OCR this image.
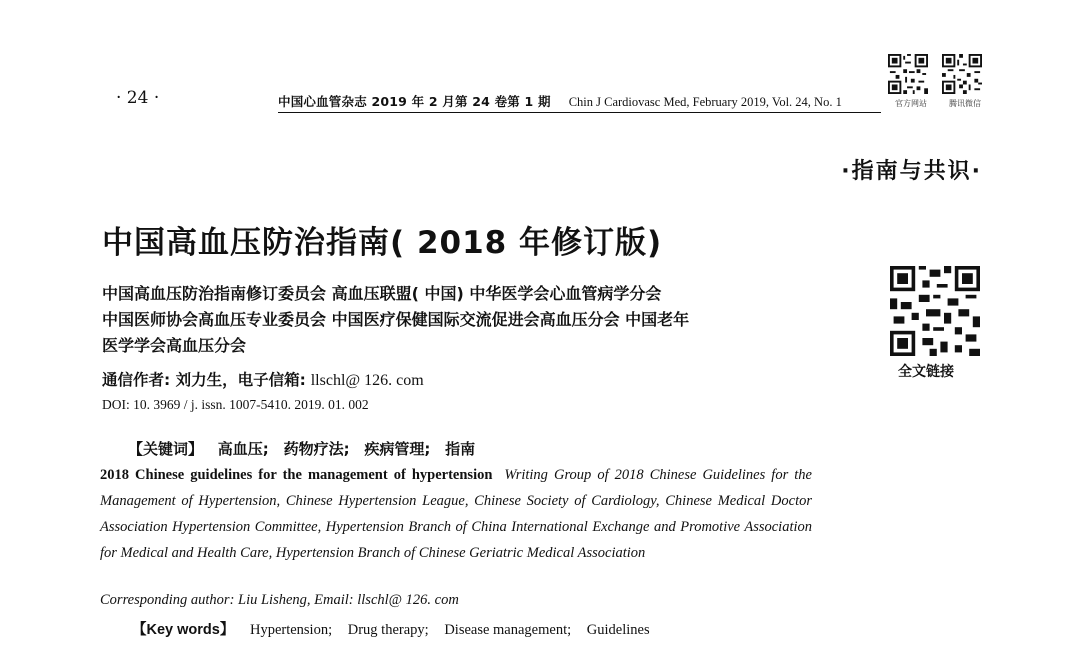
· 24 ·	中国心血管杂志 2019 年 2 月第 24 卷第 1 期 Chin J Cardiovasc Med, February 2019, Vol. 24, No. 1	官方网站	腾讯微信
·指南与共识·
中国高血压防治指南( 2018 年修订版)
中国高血压防治指南修订委员会 高血压联盟( 中国) 中华医学会心血管病学分会
中国医师协会高血压专业委员会 中国医疗保健国际交流促进会高血压分会 中国老年
医学学会高血压分会
通信作者: 刘力生，电子信箱: llschl@ 126. com
DOI: 10. 3969 / j. issn. 1007-5410. 2019. 01. 002
全文链接
【关键词】 高血压; 药物疗法; 疾病管理; 指南
2018 Chinese guidelines for the management of hypertension Writing Group of 2018 Chinese Guidelines for the Management of Hypertension, Chinese Hypertension League, Chinese Society of Cardiology, Chinese Medical Doctor Association Hypertension Committee, Hypertension Branch of China International Exchange and Promotive Association for Medical and Health Care, Hypertension Branch of Chinese Geriatric Medical Association
Corresponding author: Liu Lisheng, Email: llschl@ 126. com
【Key words】 Hypertension; Drug therapy; Disease management; Guidelines
